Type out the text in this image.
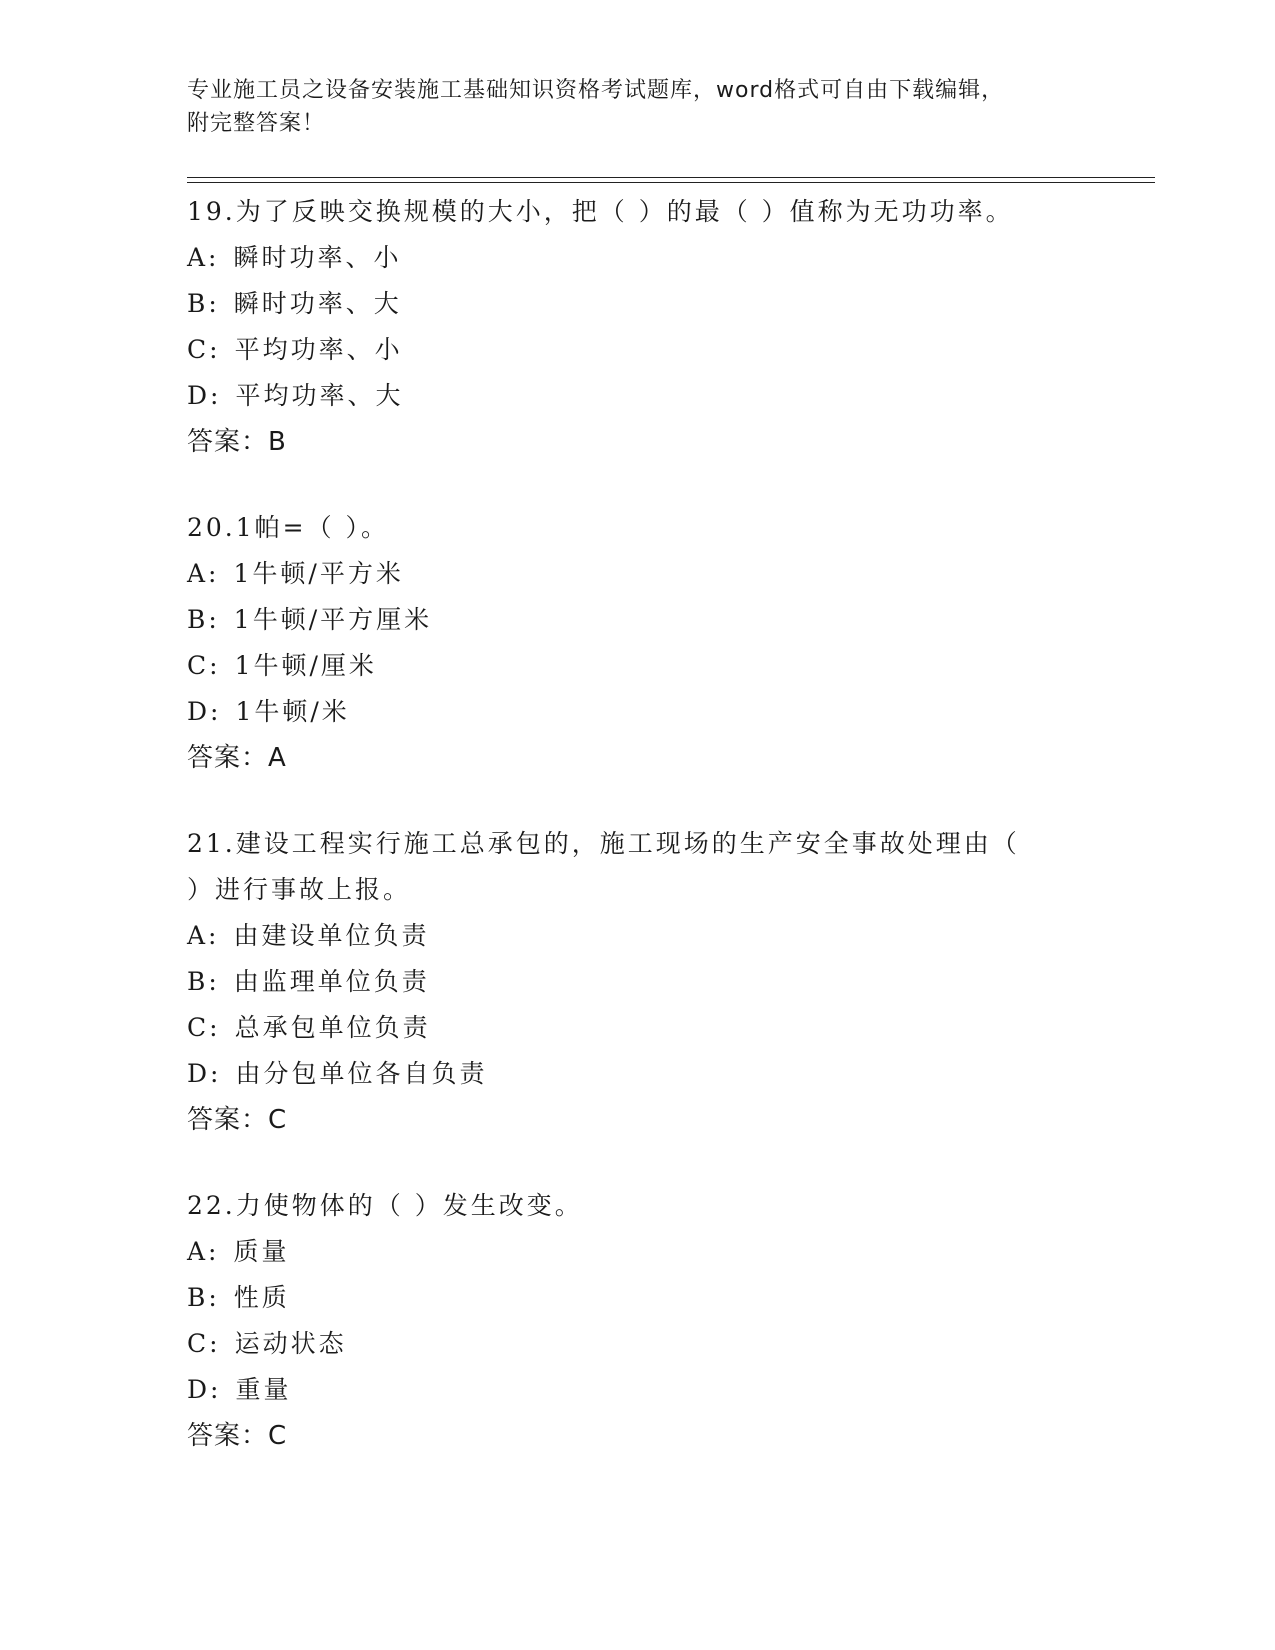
专业施工员之设备安装施工基础知识资格考试题库，word格式可自由下载编辑，
附完整答案！
19.为了反映交换规模的大小，把（ ）的最（ ）值称为无功功率。
A: 瞬时功率、小
B: 瞬时功率、大
C: 平均功率、小
D: 平均功率、大
答案：B
20.1帕=（ ）。
A: 1牛顿/平方米
B: 1牛顿/平方厘米
C: 1牛顿/厘米
D: 1牛顿/米
答案：A
21.建设工程实行施工总承包的，施工现场的生产安全事故处理由（
）进行事故上报。
A: 由建设单位负责
B: 由监理单位负责
C: 总承包单位负责
D: 由分包单位各自负责
答案：C
22.力使物体的（ ）发生改变。
A: 质量
B: 性质
C: 运动状态
D: 重量
答案：C
